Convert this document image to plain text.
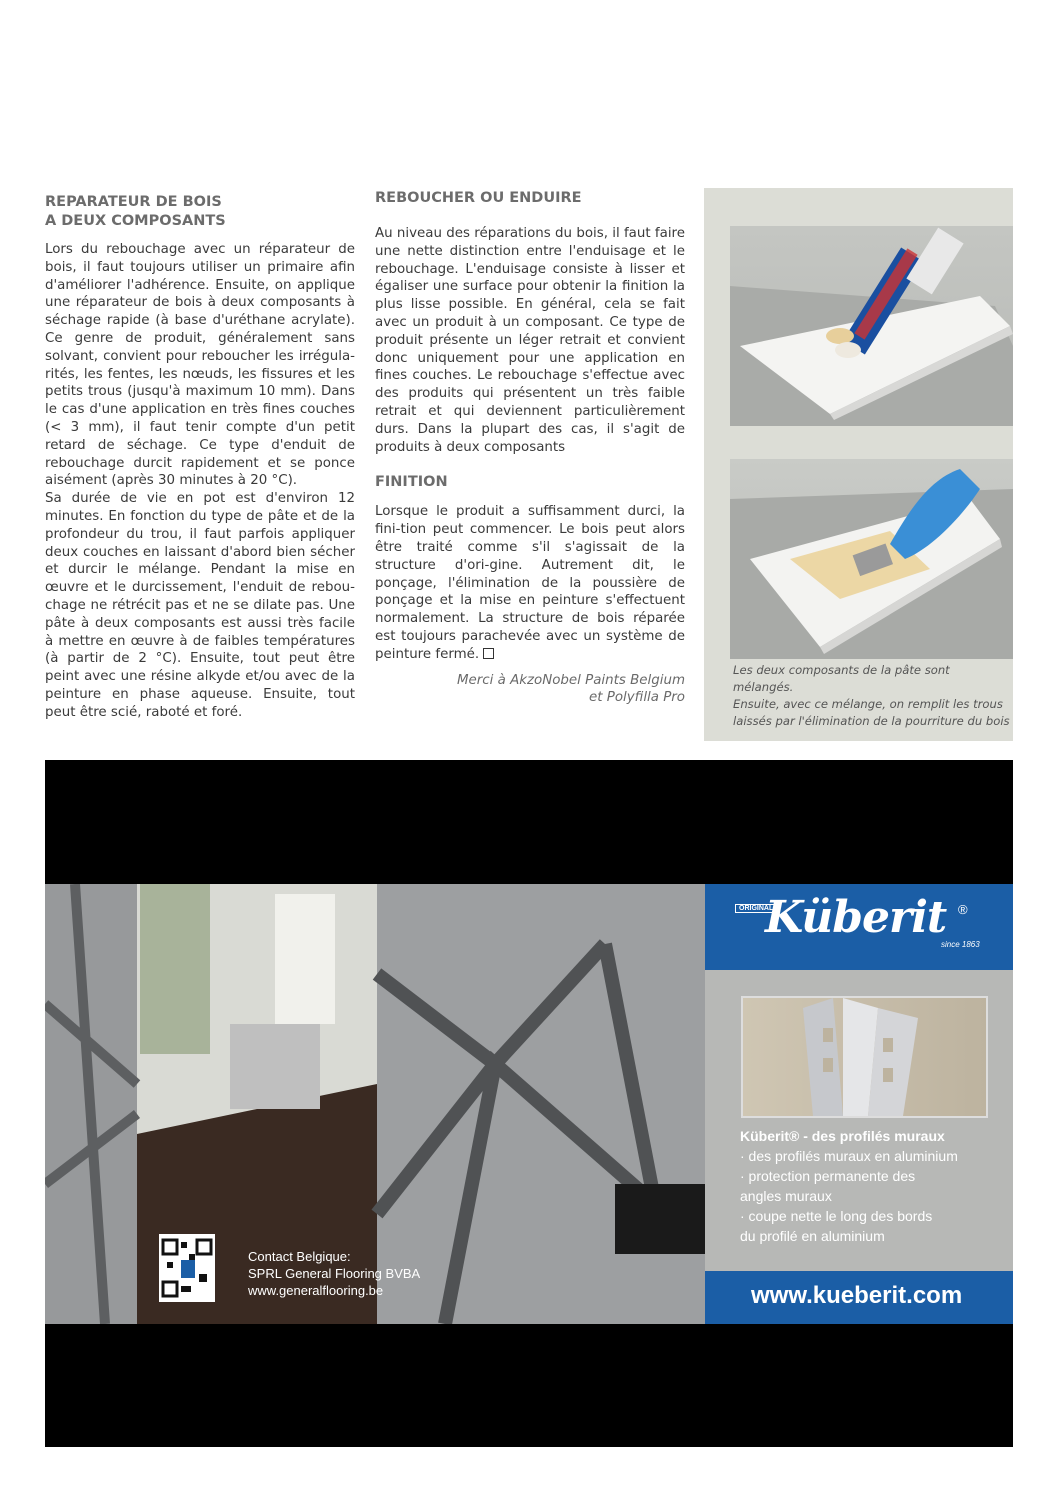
REPARATEUR DE BOIS
A DEUX COMPOSANTS

Lors du rebouchage avec un réparateur de bois, il faut toujours utiliser un primaire afin d'améliorer l'adhérence. Ensuite, on applique une réparateur de bois à deux composants à séchage rapide (à base d'uréthane acrylate). Ce genre de produit, généralement sans solvant, convient pour reboucher les irrégula-rités, les fentes, les nœuds, les fissures et les petits trous (jusqu'à maximum 10 mm). Dans le cas d'une application en très fines couches (< 3 mm), il faut tenir compte d'un petit retard de séchage. Ce type d'enduit de rebouchage durcit rapidement et se ponce aisément (après 30 minutes à 20 °C).

Sa durée de vie en pot est d'environ 12 minutes. En fonction du type de pâte et de la profondeur du trou, il faut parfois appliquer deux couches en laissant d'abord bien sécher et durcir le mélange. Pendant la mise en œuvre et le durcissement, l'enduit de rebou-chage ne rétrécit pas et ne se dilate pas. Une pâte à deux composants est aussi très facile à mettre en œuvre à de faibles températures (à partir de 2 °C). Ensuite, tout peut être peint avec une résine alkyde et/ou avec de la peinture en phase aqueuse. Ensuite, tout peut être scié, raboté et foré.

REBOUCHER OU ENDUIRE

Au niveau des réparations du bois, il faut faire une nette distinction entre l'enduisage et le rebouchage. L'enduisage consiste à lisser et égaliser une surface pour obtenir la finition la plus lisse possible. En général, cela se fait avec un produit à un composant. Ce type de produit présente un léger retrait et convient donc uniquement pour une application en fines couches. Le rebouchage s'effectue avec des produits qui présentent un très faible retrait et qui deviennent particulièrement durs. Dans la plupart des cas, il s'agit de produits à deux composants

FINITION

Lorsque le produit a suffisamment durci, la fini-tion peut commencer. Le bois peut alors être traité comme s'il s'agissait de la structure d'ori-gine. Autrement dit, le ponçage, l'élimination de la poussière de ponçage et la mise en peinture s'effectuent normalement. La structure de bois réparée est toujours parachevée avec un système de peinture fermé.

Merci à AkzoNobel Paints Belgium
et Polyfilla Pro
Les deux composants de la pâte sont mélangés.
Ensuite, avec ce mélange, on remplit les trous
laissés par l'élimination de la pourriture du bois
Contact Belgique:
SPRL General Flooring BVBA
www.generalflooring.be
ORIGINAL
Küberit ®
since 1863
Küberit® - des profilés muraux
· des profilés muraux en aluminium
· protection permanente des
angles muraux
· coupe nette le long des bords
du profilé en aluminium
www.kueberit.com
